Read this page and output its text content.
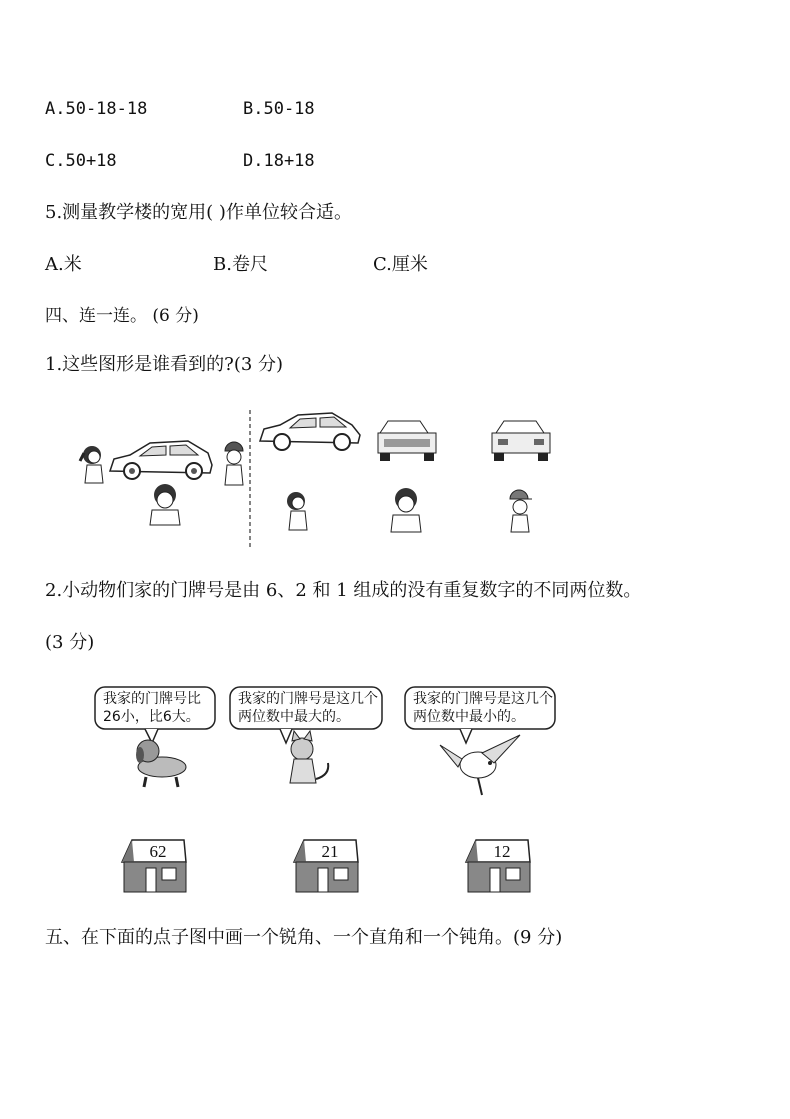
A.50-18-18	B.50-18
C.50+18	D.18+18
5.测量教学楼的宽用( )作单位较合适。
A.米	B.卷尺	C.厘米
四、连一连。 (6 分)
1.这些图形是谁看到的?(3 分)
2.小动物们家的门牌号是由 6、2 和 1 组成的没有重复数字的不同两位数。
(3 分)
我家的门牌号比26小，比6大。
我家的门牌号是这几个两位数中最大的。
我家的门牌号是这几个两位数中最小的。
62	21	12
五、在下面的点子图中画一个锐角、一个直角和一个钝角。(9 分)
